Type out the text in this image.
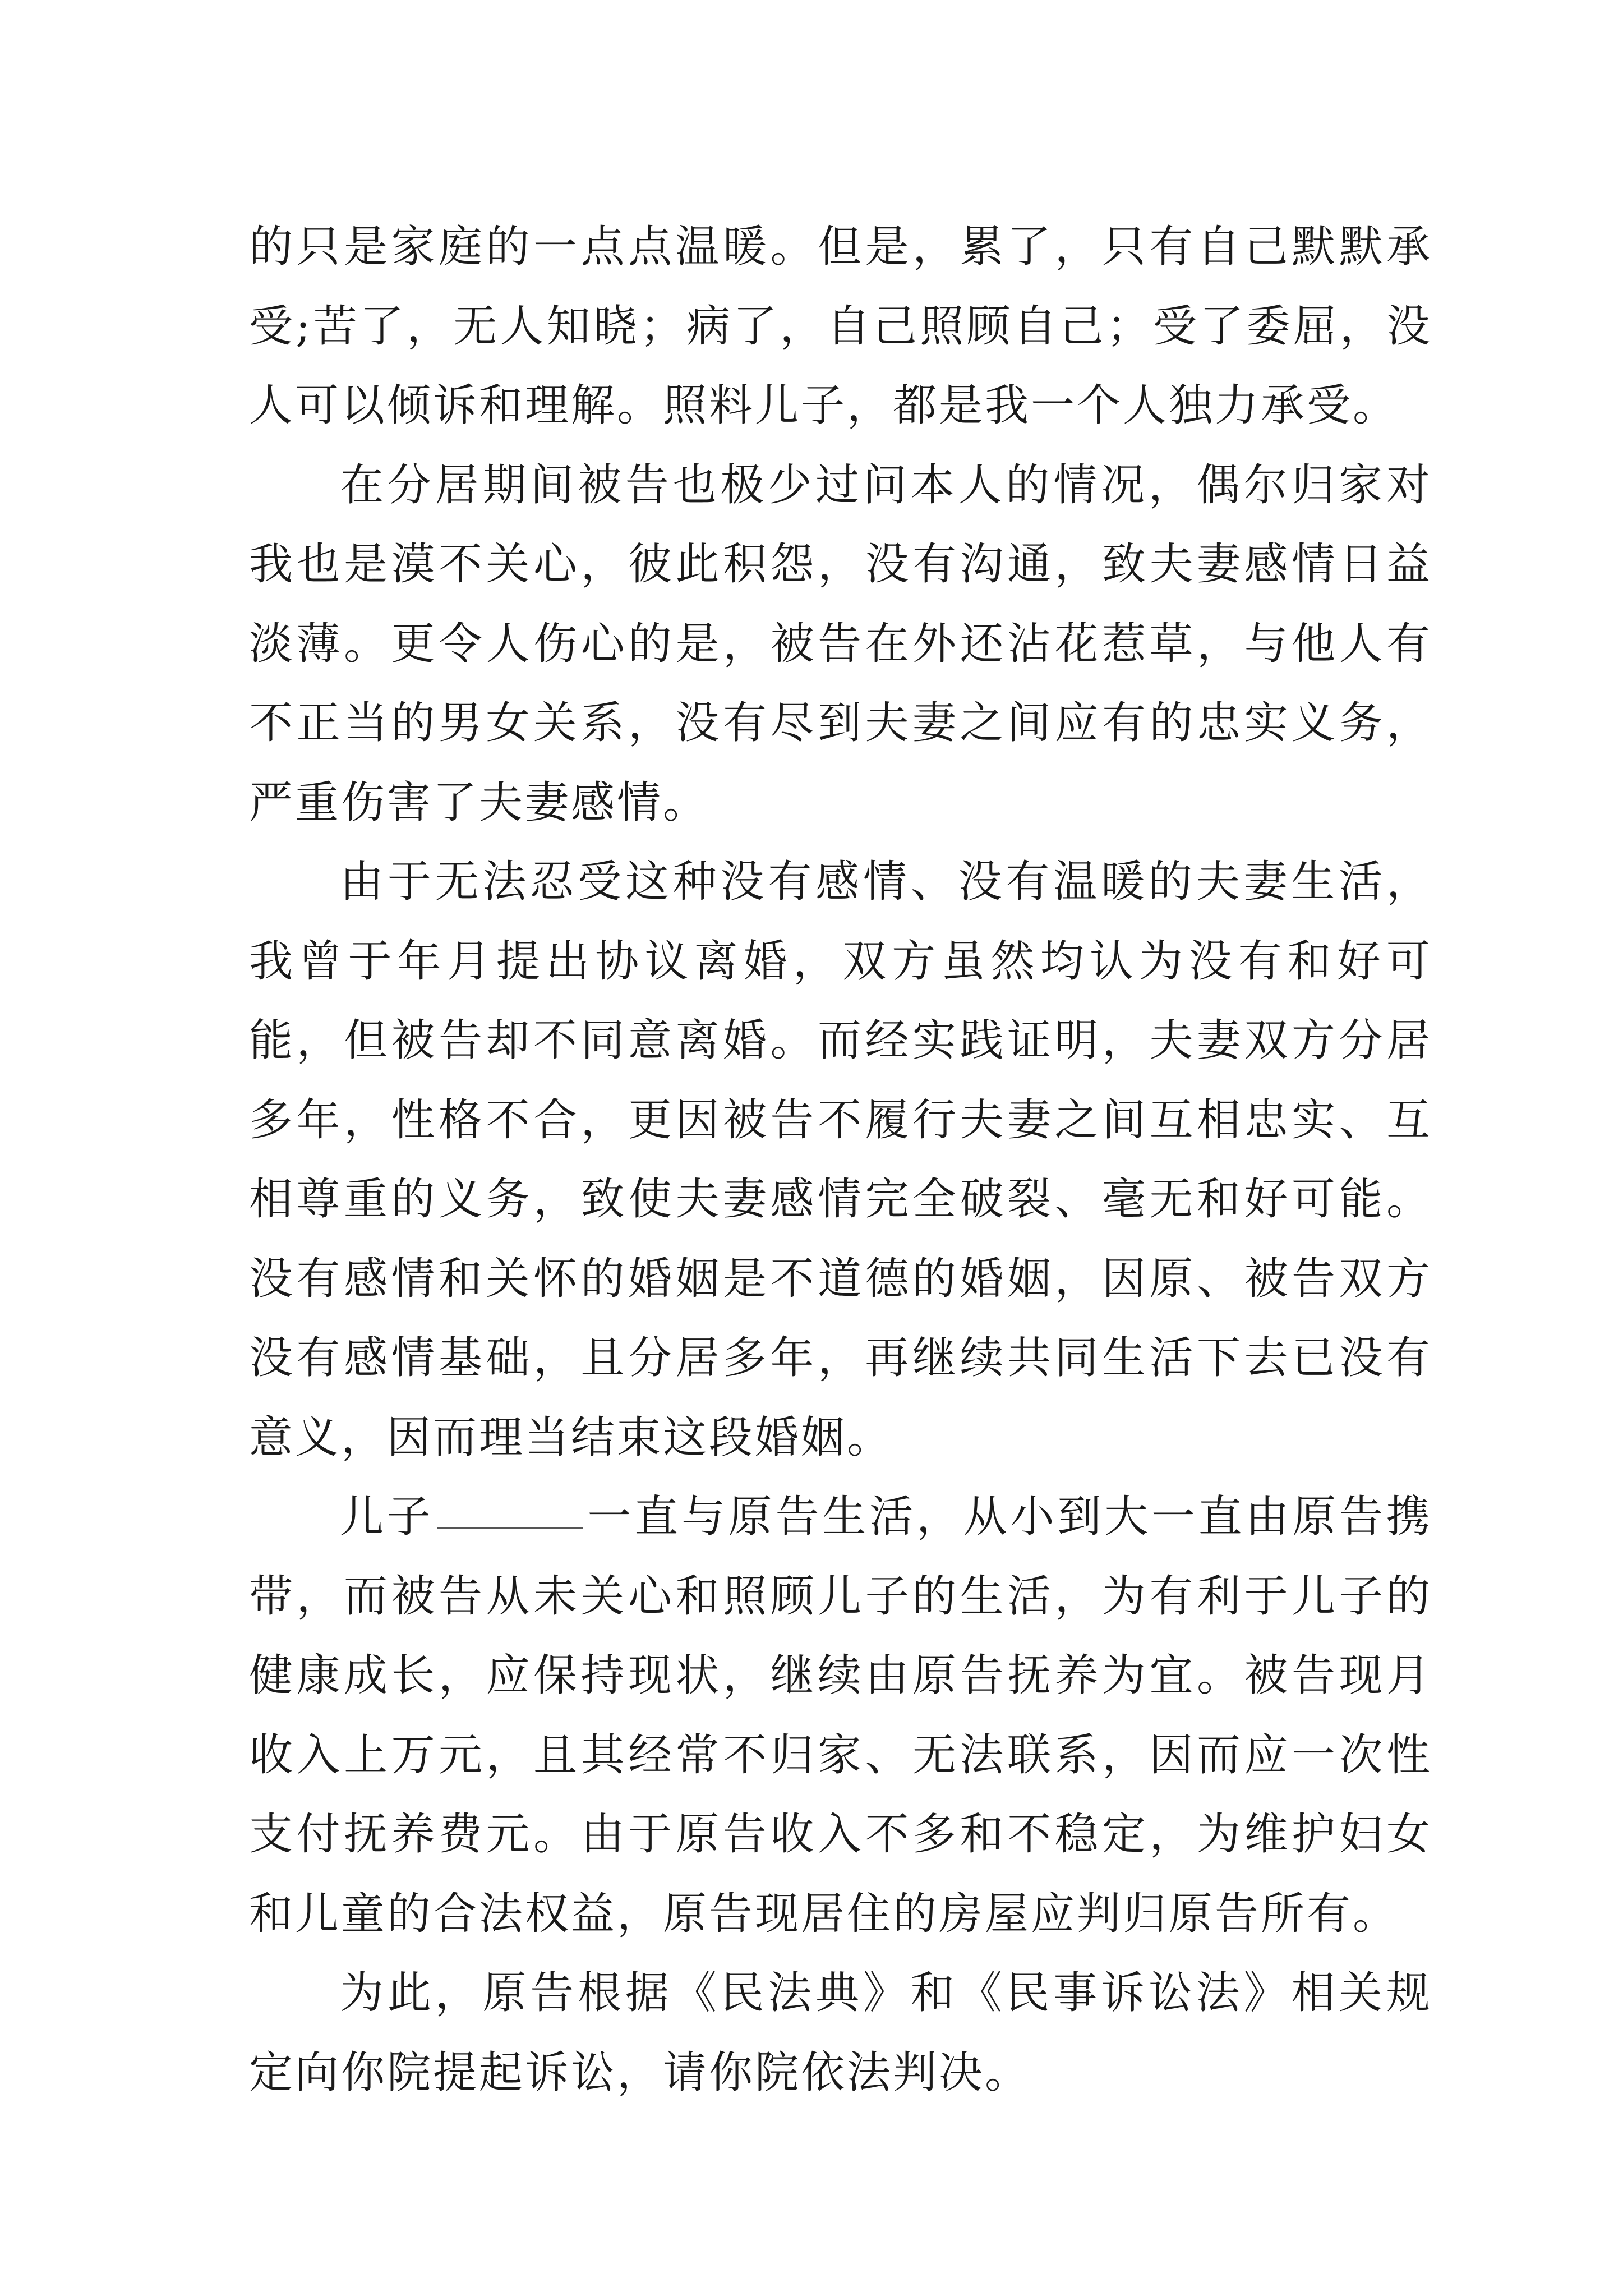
的只是家庭的一点点温暖。但是，累了，只有自己默默承受;苦了，无人知晓；病了，自己照顾自己；受了委屈，没人可以倾诉和理解。照料儿子，都是我一个人独力承受。

在分居期间被告也极少过问本人的情况，偶尔归家对我也是漠不关心，彼此积怨，没有沟通，致夫妻感情日益淡薄。更令人伤心的是，被告在外还沾花惹草，与他人有不正当的男女关系，没有尽到夫妻之间应有的忠实义务，严重伤害了夫妻感情。

由于无法忍受这种没有感情、没有温暖的夫妻生活，我曾于年月提出协议离婚，双方虽然均认为没有和好可能，但被告却不同意离婚。而经实践证明，夫妻双方分居多年，性格不合，更因被告不履行夫妻之间互相忠实、互相尊重的义务，致使夫妻感情完全破裂、毫无和好可能。没有感情和关怀的婚姻是不道德的婚姻，因原、被告双方没有感情基础，且分居多年，再继续共同生活下去已没有意义，因而理当结束这段婚姻。

儿子	一直与原告生活，从小到大一直由原告携带，而被告从未关心和照顾儿子的生活，为有利于儿子的健康成长，应保持现状，继续由原告抚养为宜。被告现月收入上万元，且其经常不归家、无法联系，因而应一次性支付抚养费元。由于原告收入不多和不稳定，为维护妇女和儿童的合法权益，原告现居住的房屋应判归原告所有。

为此，原告根据《民法典》和《民事诉讼法》相关规定向你院提起诉讼，请你院依法判决。
